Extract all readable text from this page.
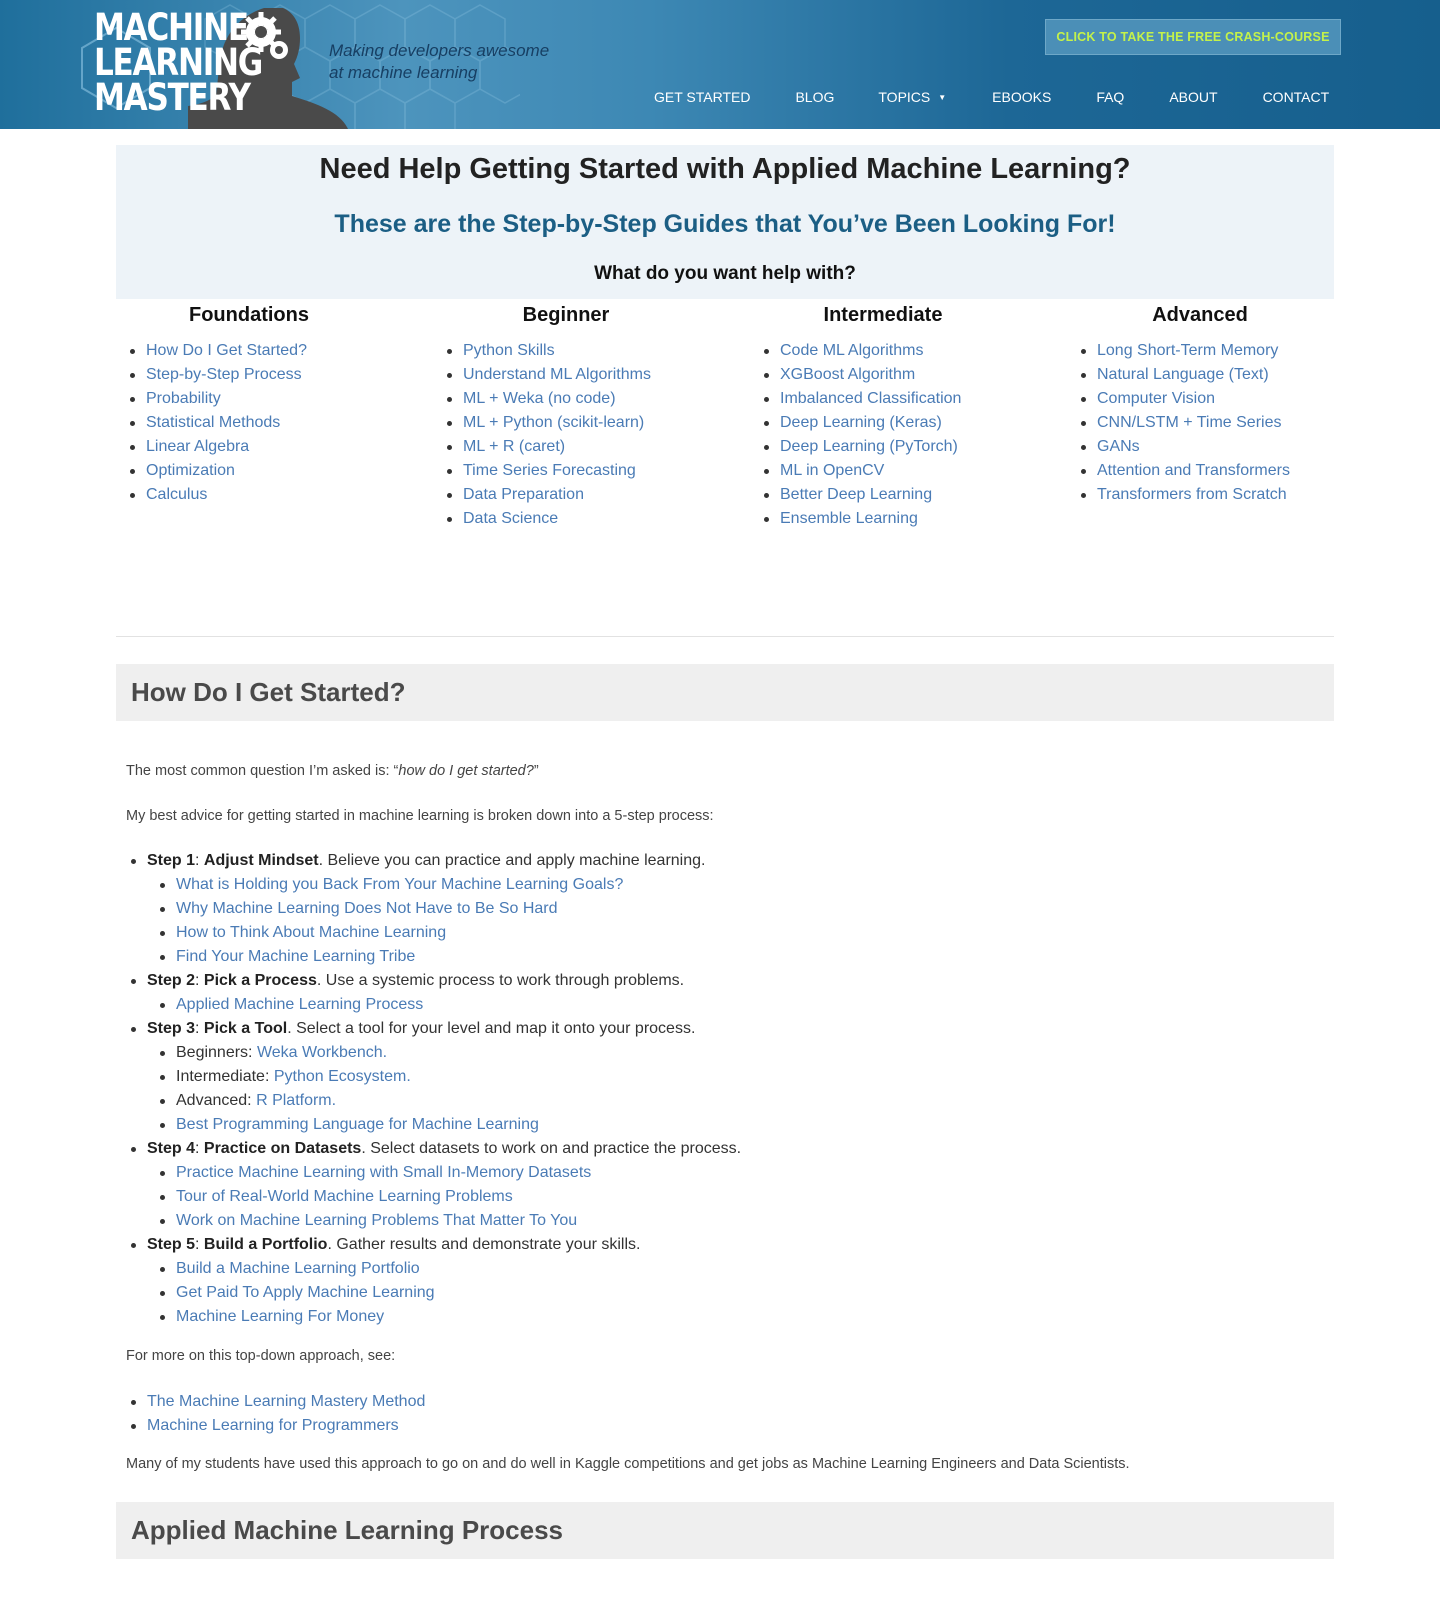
MACHINE
LEARNING
MASTERY
Making developers awesome
at machine learning
CLICK TO TAKE THE FREE CRASH-COURSE
GET STARTED	BLOG	TOPICS ▼	EBOOKS	FAQ	ABOUT	CONTACT
Need Help Getting Started with Applied Machine Learning?
These are the Step-by-Step Guides that You’ve Been Looking For!
What do you want help with?
Foundations
How Do I Get Started?
Step-by-Step Process
Probability
Statistical Methods
Linear Algebra
Optimization
Calculus
Beginner
Python Skills
Understand ML Algorithms
ML + Weka (no code)
ML + Python (scikit-learn)
ML + R (caret)
Time Series Forecasting
Data Preparation
Data Science
Intermediate
Code ML Algorithms
XGBoost Algorithm
Imbalanced Classification
Deep Learning (Keras)
Deep Learning (PyTorch)
ML in OpenCV
Better Deep Learning
Ensemble Learning
Advanced
Long Short-Term Memory
Natural Language (Text)
Computer Vision
CNN/LSTM + Time Series
GANs
Attention and Transformers
Transformers from Scratch
How Do I Get Started?
The most common question I’m asked is: “how do I get started?”
My best advice for getting started in machine learning is broken down into a 5-step process:
Step 1: Adjust Mindset. Believe you can practice and apply machine learning.
What is Holding you Back From Your Machine Learning Goals?
Why Machine Learning Does Not Have to Be So Hard
How to Think About Machine Learning
Find Your Machine Learning Tribe
Step 2: Pick a Process. Use a systemic process to work through problems.
Applied Machine Learning Process
Step 3: Pick a Tool. Select a tool for your level and map it onto your process.
Beginners: Weka Workbench.
Intermediate: Python Ecosystem.
Advanced: R Platform.
Best Programming Language for Machine Learning
Step 4: Practice on Datasets. Select datasets to work on and practice the process.
Practice Machine Learning with Small In-Memory Datasets
Tour of Real-World Machine Learning Problems
Work on Machine Learning Problems That Matter To You
Step 5: Build a Portfolio. Gather results and demonstrate your skills.
Build a Machine Learning Portfolio
Get Paid To Apply Machine Learning
Machine Learning For Money
For more on this top-down approach, see:
The Machine Learning Mastery Method
Machine Learning for Programmers
Many of my students have used this approach to go on and do well in Kaggle competitions and get jobs as Machine Learning Engineers and Data Scientists.
Applied Machine Learning Process
